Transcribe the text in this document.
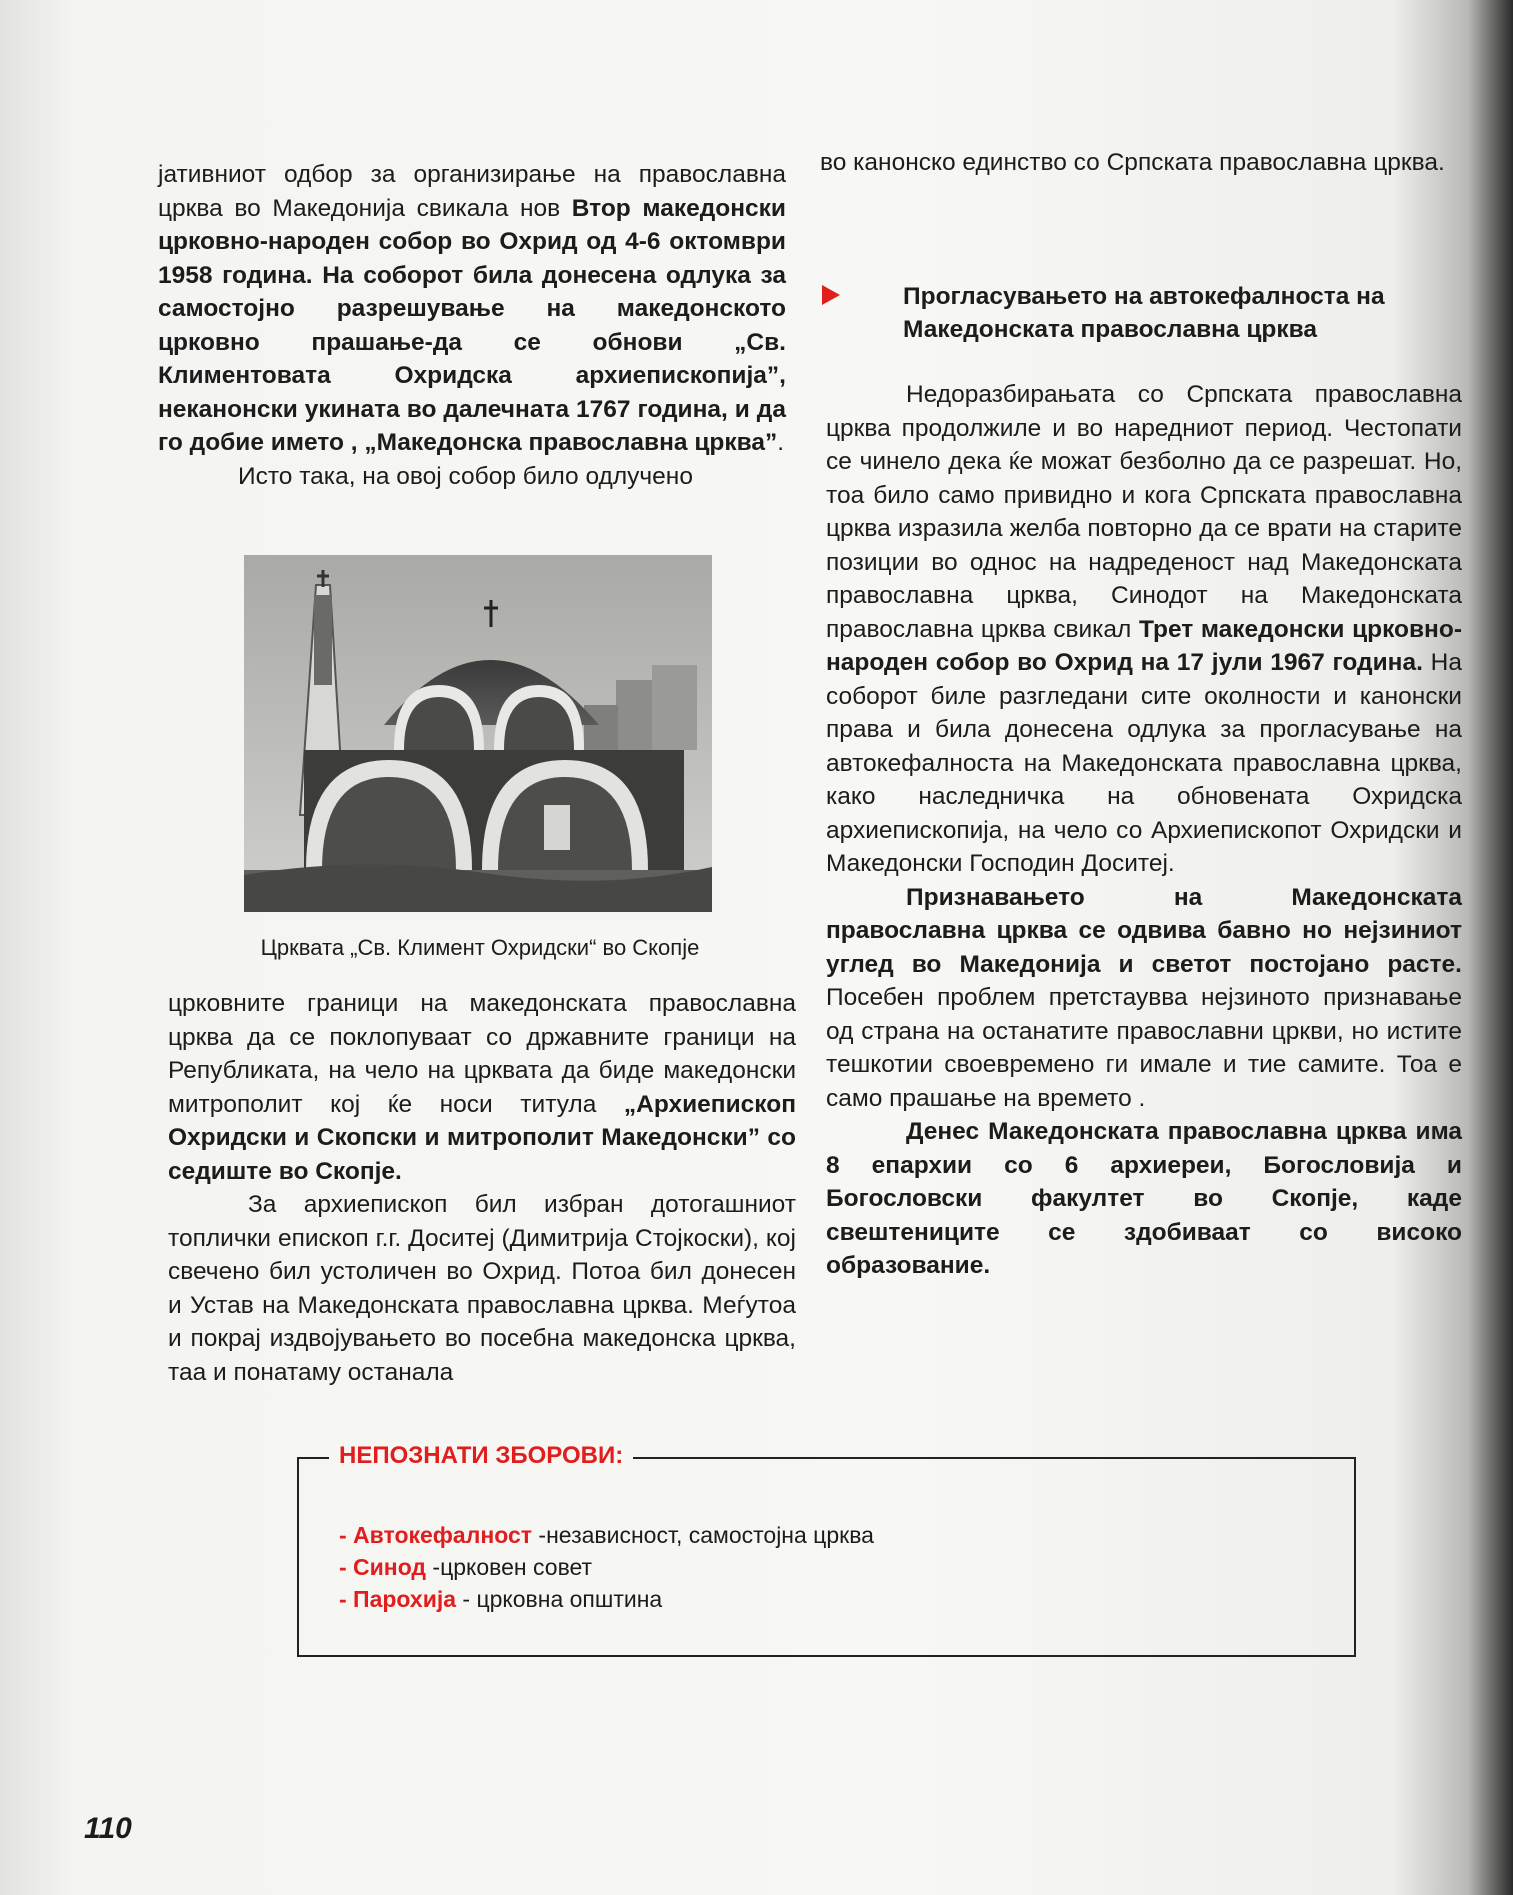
јативниот одбор за организирање на православна црква во Македонија свикала нов Втор македонски црковно-народен собор во Охрид од 4-6 октомври 1958 година. На соборот била донесена одлука за самостојно разрешување на македонското црковно прашање-да се обнови „Св. Климентовата Охридска архиепископија”, неканонски укината во далечната 1767 година, и да го добие името , „Македонска православна црква”.

Исто така, на овој собор било одлучено

Црквата „Св. Климент Охридски“ во Скопје

црковните граници на македонската православна црква да се поклопуваат со државните граници на Републиката, на чело на црквата да биде македонски митрополит кој ќе носи титула „Архиепископ Охридски и Скопски и митрополит Македонски” со седиште во Скопје.

За архиепископ бил избран дотогашниот топлички епископ г.г. Доситеј (Димитрија Стојкоски), кој свечено бил устоличен во Охрид. Потоа бил донесен и Устав на Македонската православна црква. Меѓутоа и покрај издвојувањето во посебна македонска црква, таа и понатаму останала

во канонско единство со Српската православна црква.

Прогласувањето на автокефалноста на Македонската православна црква

Недоразбирањата со Српската православна црква продолжиле и во наредниот период. Честопати се чинело дека ќе можат безболно да се разрешат. Но, тоа било само привидно и кога Српската православна црква изразила желба повторно да се врати на старите позиции во однос на надреденост над Македонската православна црква, Синодот на Македонската православна црква свикал Трет македонски црковно-народен собор во Охрид на 17 јули 1967 година. На соборот биле разгледани сите околности и канонски права и била донесена одлука за прогласување на автокефалноста на Македонската православна црква, како наследничка на обновената Охридска архиепископија, на чело со Архиепископот Охридски и Македонски Господин Доситеј.

Признавањето на Македонската православна црква се одвива бавно но нејзиниот углед во Македонија и светот постојано расте. Посебен проблем претстаувва нејзиното признавање од страна на останатите православни цркви, но истите тешкотии своевремено ги имале и тие самите. Тоа е само прашање на времето .

Денес Македонската православна црква има 8 епархии со 6 архиереи, Богословија и Богословски факултет во Скопје, каде свештениците се здобиваат со високо образование.

НЕПОЗНАТИ ЗБОРОВИ:
- Автокефалност -независност, самостојна црква
- Синод -црковен совет
- Парохија - црковна општина
110
